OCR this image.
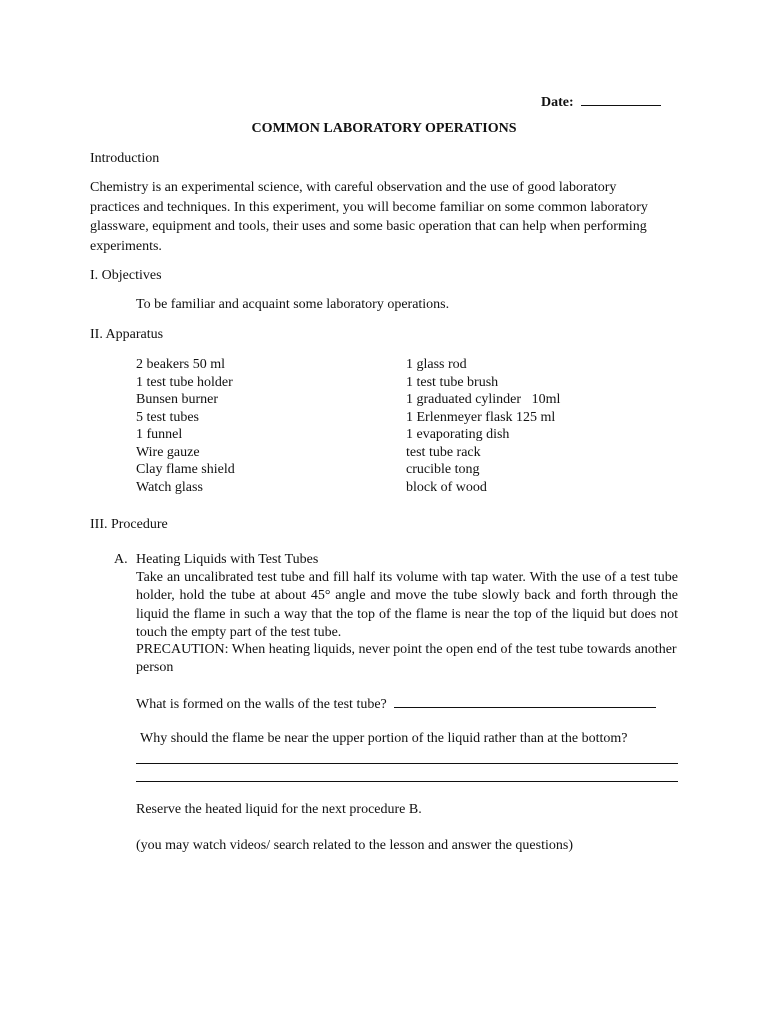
Date:
COMMON LABORATORY OPERATIONS
Introduction
Chemistry is an experimental science, with careful observation and the use of good laboratory practices and techniques. In this experiment, you will become familiar on some common laboratory glassware, equipment and tools, their uses and some basic operation that can help when performing experiments.
I. Objectives
To be familiar and acquaint some laboratory operations.
II. Apparatus
2 beakers 50 ml
1 test tube holder
Bunsen burner
5 test tubes
1 funnel
Wire gauze
Clay flame shield
Watch glass
1 glass rod
1 test tube brush
1 graduated cylinder   10ml
1 Erlenmeyer flask 125 ml
1 evaporating dish
test tube rack
crucible tong
block of wood
III. Procedure
A. Heating Liquids with Test Tubes
Take an uncalibrated test tube and fill half its volume with tap water. With the use of a test tube holder, hold the tube at about 45° angle and move the tube slowly back and forth through the liquid the flame in such a way that the top of the flame is near the top of the liquid but does not touch the empty part of the test tube.
PRECAUTION: When heating liquids, never point the open end of the test tube towards another person
What is formed on the walls of the test tube?
Why should the flame be near the upper portion of the liquid rather than at the bottom?
Reserve the heated liquid for the next procedure B.
(you may watch videos/ search related to the lesson and answer the questions)
